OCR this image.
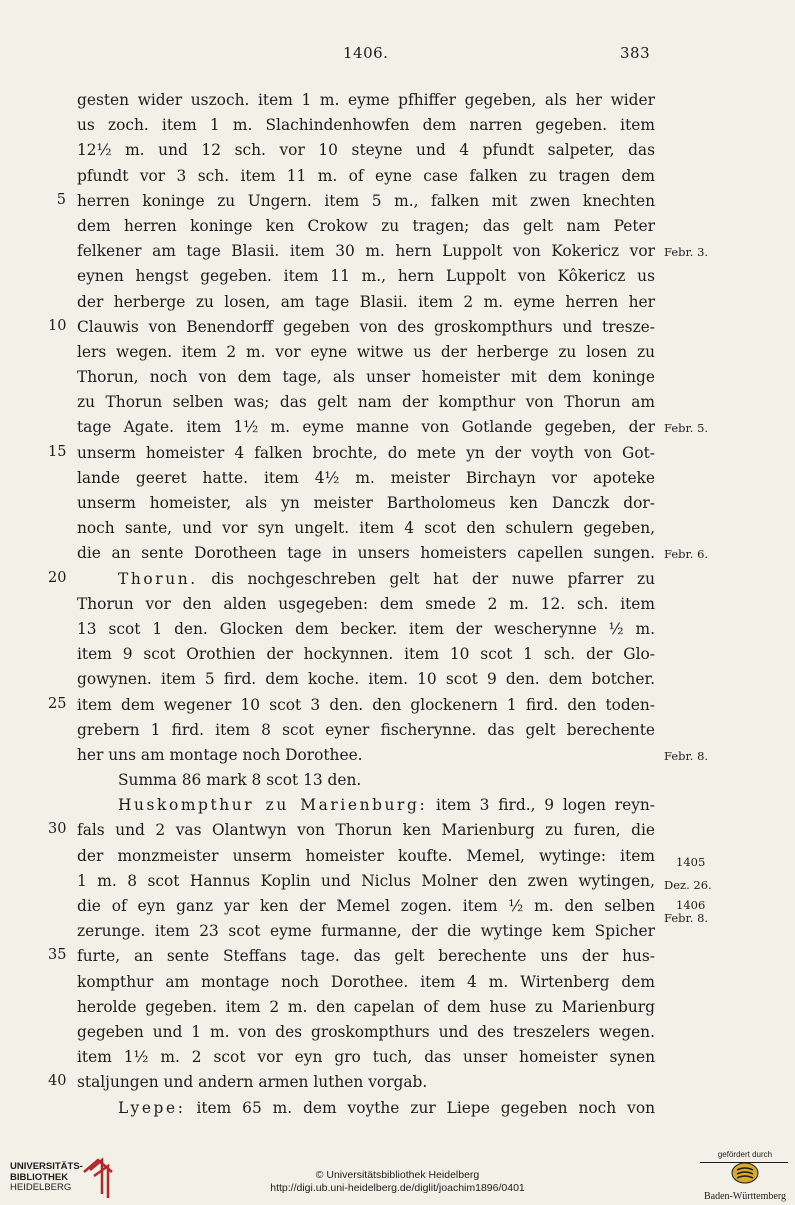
1406.	383
gesten wider uszoch. item 1 m. eyme pfhiffer gegeben, als her wider
us zoch. item 1 m. Slachindenhowfen dem narren gegeben. item
12½ m. und 12 sch. vor 10 steyne und 4 pfundt salpeter, das
pfundt vor 3 sch. item 11 m. of eyne case falken zu tragen dem
5 herren koninge zu Ungern. item 5 m., falken mit zwen knechten
dem herren koninge ken Crokow zu tragen; das gelt nam Peter
felkener am tage Blasii. item 30 m. hern Luppolt von Kokericz vor Febr. 3.
eynen hengst gegeben. item 11 m., hern Luppolt von Kôkericz us
der herberge zu losen, am tage Blasii. item 2 m. eyme herren her
10 Clauwis von Benendorff gegeben von des groskompthurs und tresze-
lers wegen. item 2 m. vor eyne witwe us der herberge zu losen zu
Thorun, noch von dem tage, als unser homeister mit dem koninge
zu Thorun selben was; das gelt nam der kompthur von Thorun am
tage Agate. item 1½ m. eyme manne von Gotlande gegeben, der Febr. 5.
15 unserm homeister 4 falken brochte, do mete yn der voyth von Got-
lande geeret hatte. item 4½ m. meister Birchayn vor apoteke
unserm homeister, als yn meister Bartholomeus ken Danczk dor-
noch sante, und vor syn ungelt. item 4 scot den schulern gegeben,
die an sente Dorotheen tage in unsers homeisters capellen sungen. Febr. 6.
20	Thorun. dis nochgeschreben gelt hat der nuwe pfarrer zu
Thorun vor den alden usgegeben: dem smede 2 m. 12. sch. item
13 scot 1 den. Glocken dem becker. item der wescherynne ½ m.
item 9 scot Orothien der hockynnen. item 10 scot 1 sch. der Glo-
gowynen. item 5 fird. dem koche. item. 10 scot 9 den. dem botcher.
25 item dem wegener 10 scot 3 den. den glockenern 1 fird. den toden-
grebern 1 fird. item 8 scot eyner fischerynne. das gelt berechente
her uns am montage noch Dorothee.	Febr. 8.
Summa 86 mark 8 scot 13 den.
Huskompthur zu Marienburg: item 3 fird., 9 logen reyn-
30 fals und 2 vas Olantwyn von Thorun ken Marienburg zu furen, die
der monzmeister unserm homeister koufte. Memel, wytinge: item
1 m. 8 scot Hannus Koplin und Niclus Molner den zwen wytingen,
die of eyn ganz yar ken der Memel zogen. item ½ m. den selben
zerunge. item 23 scot eyme furmanne, der die wytinge kem Spicher
35 furte, an sente Steffans tage. das gelt berechente uns der hus-
kompthur am montage noch Dorothee. item 4 m. Wirtenberg dem
herolde gegeben. item 2 m. den capelan of dem huse zu Marienburg
gegeben und 1 m. von des groskompthurs und des treszelers wegen.
item 1½ m. 2 scot vor eyn gro tuch, das unser homeister synen
40 staljungen und andern armen luthen vorgab.
Lyepe: item 65 m. dem voythe zur Liepe gegeben noch von
1405
Dez. 26.
1406
Febr. 8.
UNIVERSITÄTS-
BIBLIOTHEK
HEIDELBERG
© Universitätsbibliothek Heidelberg
http://digi.ub.uni-heidelberg.de/diglit/joachim1896/0401
gefördert durch
Baden-Württemberg
